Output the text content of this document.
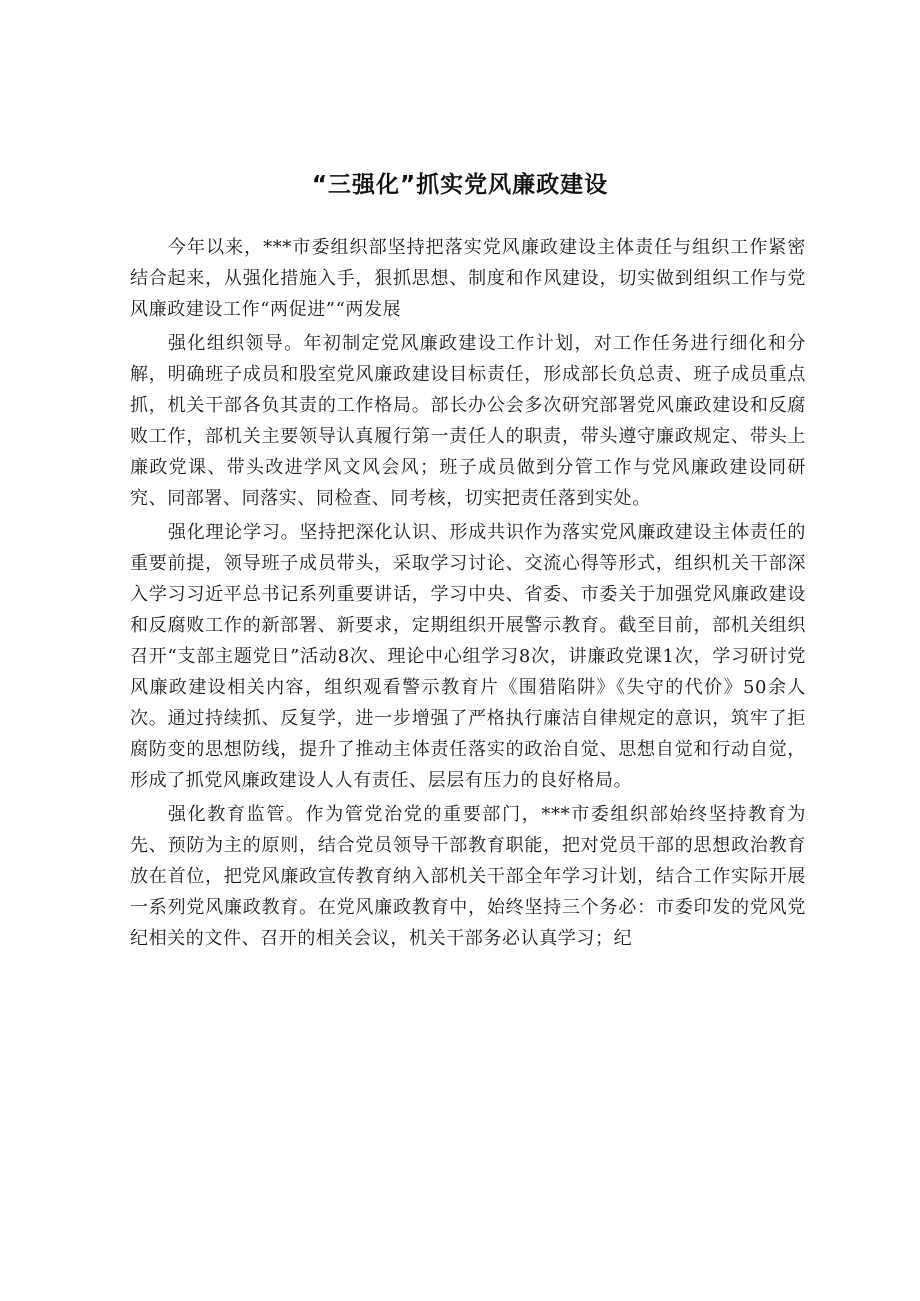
“三强化”抓实党风廉政建设

今年以来，***市委组织部坚持把落实党风廉政建设主体责任与组织工作紧密结合起来，从强化措施入手，狠抓思想、制度和作风建设，切实做到组织工作与党风廉政建设工作“两促进”“两发展

强化组织领导。年初制定党风廉政建设工作计划，对工作任务进行细化和分解，明确班子成员和股室党风廉政建设目标责任，形成部长负总责、班子成员重点抓，机关干部各负其责的工作格局。部长办公会多次研究部署党风廉政建设和反腐败工作，部机关主要领导认真履行第一责任人的职责，带头遵守廉政规定、带头上廉政党课、带头改进学风文风会风；班子成员做到分管工作与党风廉政建设同研究、同部署、同落实、同检查、同考核，切实把责任落到实处。

强化理论学习。坚持把深化认识、形成共识作为落实党风廉政建设主体责任的重要前提，领导班子成员带头，采取学习讨论、交流心得等形式，组织机关干部深入学习习近平总书记系列重要讲话，学习中央、省委、市委关于加强党风廉政建设和反腐败工作的新部署、新要求，定期组织开展警示教育。截至目前，部机关组织召开“支部主题党日”活动8次、理论中心组学习8次，讲廉政党课1次，学习研讨党风廉政建设相关内容，组织观看警示教育片《围猎陷阱》《失守的代价》50余人次。通过持续抓、反复学，进一步增强了严格执行廉洁自律规定的意识，筑牢了拒腐防变的思想防线，提升了推动主体责任落实的政治自觉、思想自觉和行动自觉，形成了抓党风廉政建设人人有责任、层层有压力的良好格局。

强化教育监管。作为管党治党的重要部门，***市委组织部始终坚持教育为先、预防为主的原则，结合党员领导干部教育职能，把对党员干部的思想政治教育放在首位，把党风廉政宣传教育纳入部机关干部全年学习计划，结合工作实际开展一系列党风廉政教育。在党风廉政教育中，始终坚持三个务必：市委印发的党风党纪相关的文件、召开的相关会议，机关干部务必认真学习；纪
